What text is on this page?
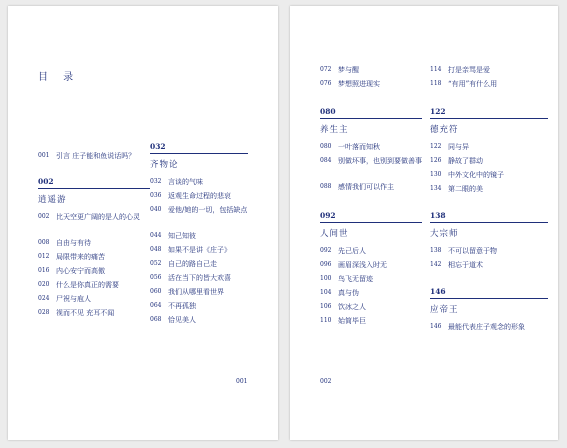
目 录
001 引言 庄子能和鱼说话吗？
002
逍遥游
002 比天空更广阔的是人的心灵
008 自由与有待
012 局限带来的痛苦
016 内心安宁而高傲
020 什么是你真正的需要
024 尸祝与庖人
028 视而不见 充耳不闻
032
齐物论
032 言谈的气味
036 返观生命过程的悲哀
040 爱他/她的一切，包括缺点
044 知己知彼
048 如果不是讲《庄子》
052 自己的路自己走
056 活在当下的皆大欢喜
060 我们从哪里看世界
064 不再孤独
068 恰见美人
001
072 梦与醒
076 梦想照进现实
080
养生主
080 一叶落而知秋
084 别做坏事，也别到要做善事
088 感情我们可以作主
092
人间世
092 先己后人
096 画眉深浅入时无
100 鸟飞无留迹
104 真与伪
106 饮冰之人
110 始简毕巨
114 打是亲骂是爱
118 “有用”有什么用
122
德充符
122 同与异
126 静故了群动
130 中外文化中的镜子
134 第二眼的美
138
大宗师
138 不可以留意于物
142 相忘于道术
146
应帝王
146 最能代表庄子观念的形象
002
